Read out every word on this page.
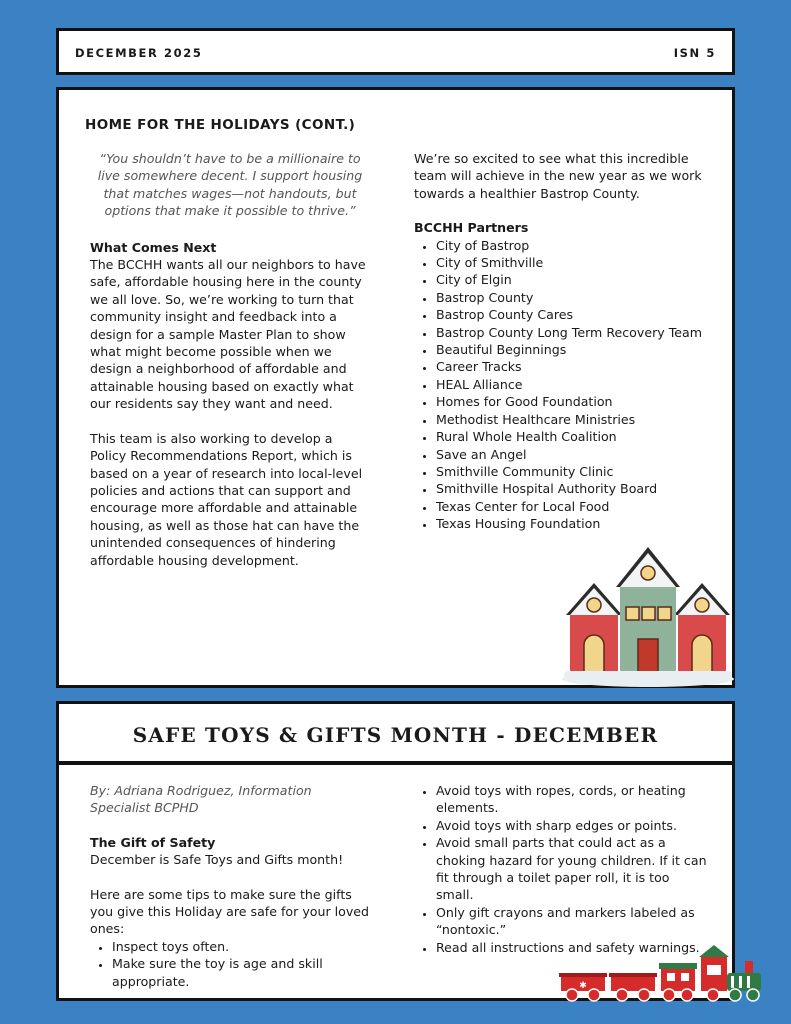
DECEMBER 2025	ISN 5
HOME FOR THE HOLIDAYS (CONT.)

“You shouldn’t have to be a millionaire to live somewhere decent. I support housing that matches wages—not handouts, but options that make it possible to thrive.”

What Comes Next

The BCCHH wants all our neighbors to have safe, affordable housing here in the county we all love. So, we’re working to turn that community insight and feedback into a design for a sample Master Plan to show what might become possible when we design a neighborhood of affordable and attainable housing based on exactly what our residents say they want and need.

This team is also working to develop a Policy Recommendations Report, which is based on a year of research into local-level policies and actions that can support and encourage more affordable and attainable housing, as well as those hat can have the unintended consequences of hindering affordable housing development.

We’re so excited to see what this incredible team will achieve in the new year as we work towards a healthier Bastrop County.

BCCHH Partners

• City of Bastrop
• City of Smithville
• City of Elgin
• Bastrop County
• Bastrop County Cares
• Bastrop County Long Term Recovery Team
• Beautiful Beginnings
• Career Tracks
• HEAL Alliance
• Homes for Good Foundation
• Methodist Healthcare Ministries
• Rural Whole Health Coalition
• Save an Angel
• Smithville Community Clinic
• Smithville Hospital Authority Board
• Texas Center for Local Food
• Texas Housing Foundation
SAFE TOYS & GIFTS MONTH - DECEMBER

By: Adriana Rodriguez, Information Specialist BCPHD

The Gift of Safety

December is Safe Toys and Gifts month!

Here are some tips to make sure the gifts you give this Holiday are safe for your loved ones:

• Inspect toys often.
• Make sure the toy is age and skill appropriate.
• Avoid toys with ropes, cords, or heating elements.
• Avoid toys with sharp edges or points.
• Avoid small parts that could act as a choking hazard for young children. If it can fit through a toilet paper roll, it is too small.
• Only gift crayons and markers labeled as “nontoxic.”
• Read all instructions and safety warnings.
✱
